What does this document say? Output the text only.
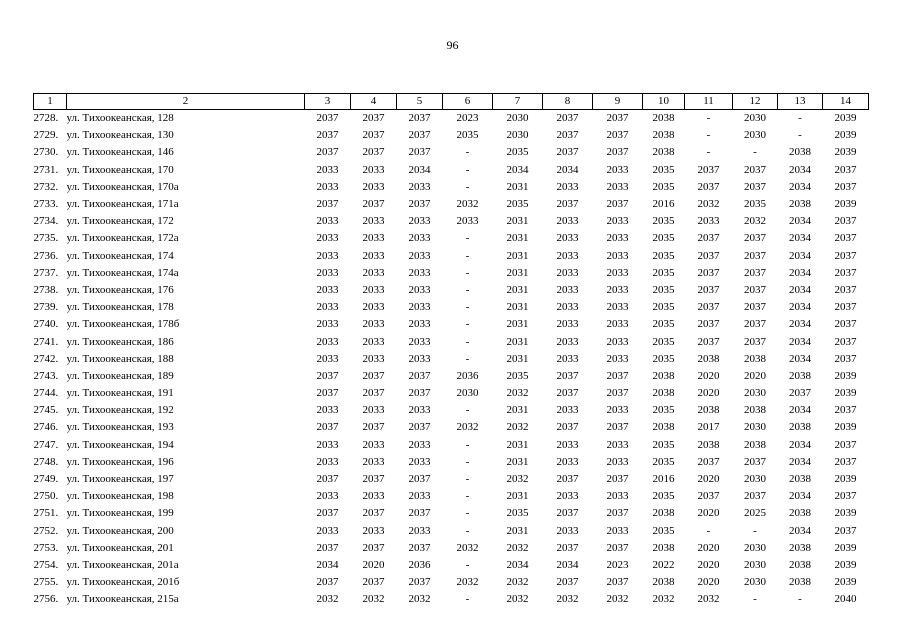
96
1	2	3	4	5	6	7	8	9	10	11	12	13	14
2728.	ул. Тихоокеанская, 128	2037	2037	2037	2023	2030	2037	2037	2038	-	2030	-	2039
2729.	ул. Тихоокеанская, 130	2037	2037	2037	2035	2030	2037	2037	2038	-	2030	-	2039
2730.	ул. Тихоокеанская, 146	2037	2037	2037	-	2035	2037	2037	2038	-	-	2038	2039
2731.	ул. Тихоокеанская, 170	2033	2033	2034	-	2034	2034	2033	2035	2037	2037	2034	2037
2732.	ул. Тихоокеанская, 170а	2033	2033	2033	-	2031	2033	2033	2035	2037	2037	2034	2037
2733.	ул. Тихоокеанская, 171а	2037	2037	2037	2032	2035	2037	2037	2016	2032	2035	2038	2039
2734.	ул. Тихоокеанская, 172	2033	2033	2033	2033	2031	2033	2033	2035	2033	2032	2034	2037
2735.	ул. Тихоокеанская, 172а	2033	2033	2033	-	2031	2033	2033	2035	2037	2037	2034	2037
2736.	ул. Тихоокеанская, 174	2033	2033	2033	-	2031	2033	2033	2035	2037	2037	2034	2037
2737.	ул. Тихоокеанская, 174а	2033	2033	2033	-	2031	2033	2033	2035	2037	2037	2034	2037
2738.	ул. Тихоокеанская, 176	2033	2033	2033	-	2031	2033	2033	2035	2037	2037	2034	2037
2739.	ул. Тихоокеанская, 178	2033	2033	2033	-	2031	2033	2033	2035	2037	2037	2034	2037
2740.	ул. Тихоокеанская, 178б	2033	2033	2033	-	2031	2033	2033	2035	2037	2037	2034	2037
2741.	ул. Тихоокеанская, 186	2033	2033	2033	-	2031	2033	2033	2035	2037	2037	2034	2037
2742.	ул. Тихоокеанская, 188	2033	2033	2033	-	2031	2033	2033	2035	2038	2038	2034	2037
2743.	ул. Тихоокеанская, 189	2037	2037	2037	2036	2035	2037	2037	2038	2020	2020	2038	2039
2744.	ул. Тихоокеанская, 191	2037	2037	2037	2030	2032	2037	2037	2038	2020	2030	2037	2039
2745.	ул. Тихоокеанская, 192	2033	2033	2033	-	2031	2033	2033	2035	2038	2038	2034	2037
2746.	ул. Тихоокеанская, 193	2037	2037	2037	2032	2032	2037	2037	2038	2017	2030	2038	2039
2747.	ул. Тихоокеанская, 194	2033	2033	2033	-	2031	2033	2033	2035	2038	2038	2034	2037
2748.	ул. Тихоокеанская, 196	2033	2033	2033	-	2031	2033	2033	2035	2037	2037	2034	2037
2749.	ул. Тихоокеанская, 197	2037	2037	2037	-	2032	2037	2037	2016	2020	2030	2038	2039
2750.	ул. Тихоокеанская, 198	2033	2033	2033	-	2031	2033	2033	2035	2037	2037	2034	2037
2751.	ул. Тихоокеанская, 199	2037	2037	2037	-	2035	2037	2037	2038	2020	2025	2038	2039
2752.	ул. Тихоокеанская, 200	2033	2033	2033	-	2031	2033	2033	2035	-	-	2034	2037
2753.	ул. Тихоокеанская, 201	2037	2037	2037	2032	2032	2037	2037	2038	2020	2030	2038	2039
2754.	ул. Тихоокеанская, 201а	2034	2020	2036	-	2034	2034	2023	2022	2020	2030	2038	2039
2755.	ул. Тихоокеанская, 201б	2037	2037	2037	2032	2032	2037	2037	2038	2020	2030	2038	2039
2756.	ул. Тихоокеанская, 215а	2032	2032	2032	-	2032	2032	2032	2032	2032	-	-	2040
